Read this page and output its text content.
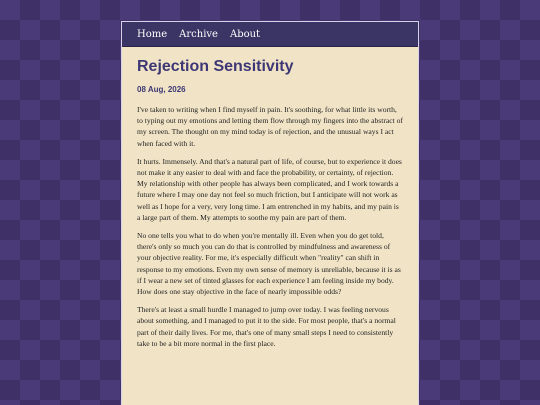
Home Archive About
Rejection Sensitivity
08 Aug, 2026

I've taken to writing when I find myself in pain. It's soothing, for what little its worth, to typing out my emotions and letting them flow through my fingers into the abstract of my screen. The thought on my mind today is of rejection, and the unusual ways I act when faced with it.

It hurts. Immensely. And that's a natural part of life, of course, but to experience it does not make it any easier to deal with and face the probability, or certainty, of rejection. My relationship with other people has always been complicated, and I work towards a future where I may one day not feel so much friction, but I anticipate will not work as well as I hope for a very, very long time. I am entrenched in my habits, and my pain is a large part of them. My attempts to soothe my pain are part of them.

No one tells you what to do when you're mentally ill. Even when you do get told, there's only so much you can do that is controlled by mindfulness and awareness of your objective reality. For me, it's especially difficult when "reality" can shift in response to my emotions. Even my own sense of memory is unreliable, because it is as if I wear a new set of tinted glasses for each experience I am feeling inside my body. How does one stay objective in the face of nearly impossible odds?

There's at least a small hurdle I managed to jump over today. I was feeling nervous about something, and I managed to put it to the side. For most people, that's a normal part of their daily lives. For me, that's one of many small steps I need to consistently take to be a bit more normal in the first place.
